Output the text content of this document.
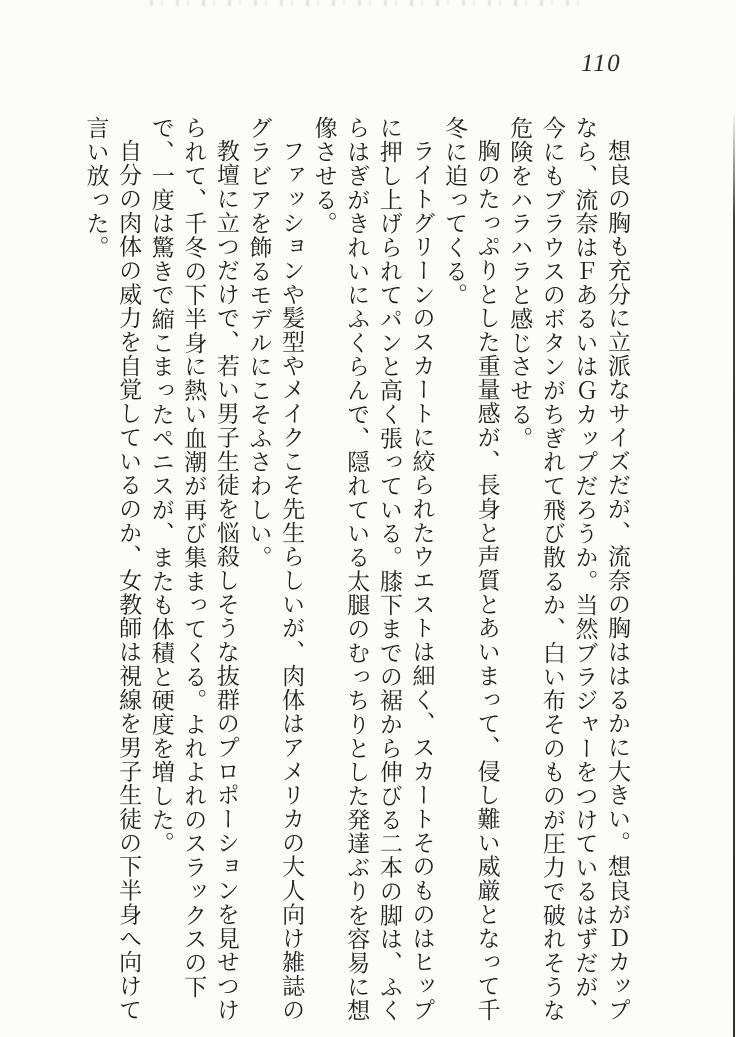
110

想良の胸も充分に立派なサイズだが、流奈の胸ははるかに大きい。想良がＤカップなら、流奈はＦあるいはＧカップだろうか。当然ブラジャーをつけているはずだが、今にもブラウスのボタンがちぎれて飛び散るか、白い布そのものが圧力で破れそうな危険をハラハラと感じさせる。

胸のたっぷりとした重量感が、長身と声質とあいまって、侵し難い威厳となって千冬に迫ってくる。

ライトグリーンのスカートに絞られたウエストは細く、スカートそのものはヒップに押し上げられてパンと高く張っている。膝下までの裾から伸びる二本の脚は、ふくらはぎがきれいにふくらんで、隠れている太腿のむっちりとした発達ぶりを容易に想像させる。

ファッションや髪型やメイクこそ先生らしいが、肉体はアメリカの大人向け雑誌のグラビアを飾るモデルにこそふさわしい。

教壇に立つだけで、若い男子生徒を悩殺しそうな抜群のプロポーションを見せつけられて、千冬の下半身に熱い血潮が再び集まってくる。よれよれのスラックスの下で、一度は驚きで縮こまったペニスが、またも体積と硬度を増した。

自分の肉体の威力を自覚しているのか、女教師は視線を男子生徒の下半身へ向けて言い放った。
